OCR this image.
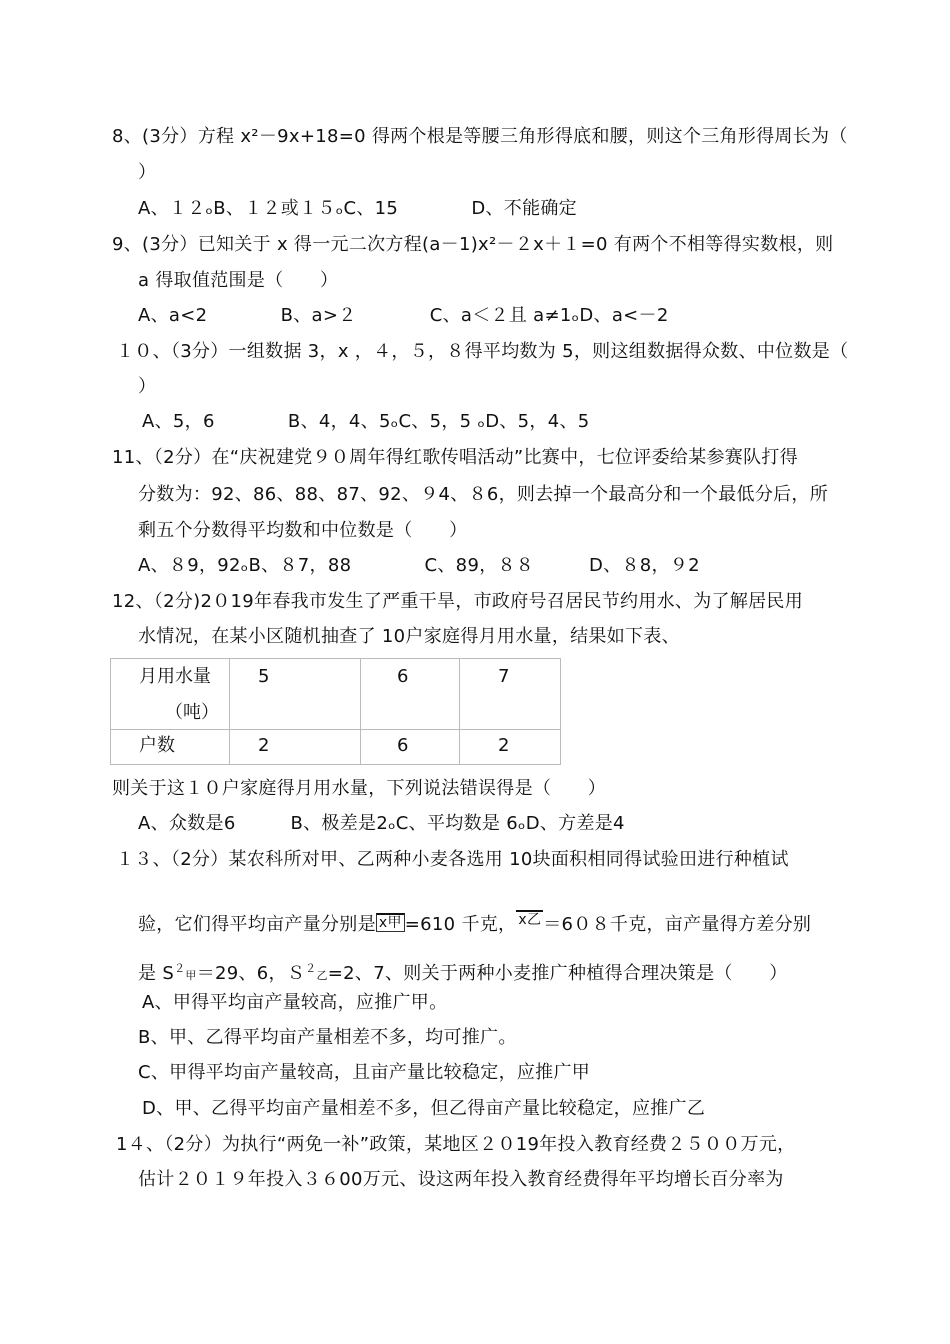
8、(3分）方程 x²－9x+18=0 得两个根是等腰三角形得底和腰，则这个三角形得周长为（
）
A、１２ₒB、１２或１５ₒC、15　　　　D、不能确定
9、(3分）已知关于 x 得一元二次方程(a－1)x²－２x＋１=0 有两个不相等得实数根，则
a 得取值范围是（　　）
A、a<2　　　　B、a>２　　　　C、a＜２且 a≠1ₒD、a<－2
１０、（3分）一组数据 3，x ，４，５，８得平均数为 5，则这组数据得众数、中位数是（
）
A、5，6　　　　B、4，4、5ₒC、5，5 ₒD、5，4、5
11、（2分）在“庆祝建党９０周年得红歌传唱活动”比赛中，七位评委给某参赛队打得
分数为：92、86、88、87、92、９4、８6，则去掉一个最高分和一个最低分后，所
剩五个分数得平均数和中位数是（　　）
A、８9，92ₒB、８7，88　　　　C、89，８８　　　D、８8，９2
12、（2分)2０19年春我市发生了严重干旱，市政府号召居民节约用水、为了解居民用
水情况，在某小区随机抽查了 10户家庭得月用水量，结果如下表、
月用水量
（吨）	5	6	7
户数	2	6	2
则关于这１０户家庭得月用水量，下列说法错误得是（　　）
A、众数是6　　　B、极差是2ₒC、平均数是 6ₒD、方差是4
１３、（2分）某农科所对甲、乙两种小麦各选用 10块面积相同得试验田进行种植试
验，它们得平均亩产量分别是 x甲 =610 千克， $^{x乙}$ ＝6０８千克，亩产量得方差分别
是 $S^2$甲＝29、6，Ｓ$^2$乙=2、7、则关于两种小麦推广种植得合理决策是（　　）
A、甲得平均亩产量较高，应推广甲。
B、甲、乙得平均亩产量相差不多，均可推广。
C、甲得平均亩产量较高，且亩产量比较稳定，应推广甲
D、甲、乙得平均亩产量相差不多，但乙得亩产量比较稳定，应推广乙
1４、（2分）为执行“两免一补”政策，某地区２０19年投入教育经费２５００万元，
估计２０１９年投入３６00万元、设这两年投入教育经费得年平均增长百分率为
